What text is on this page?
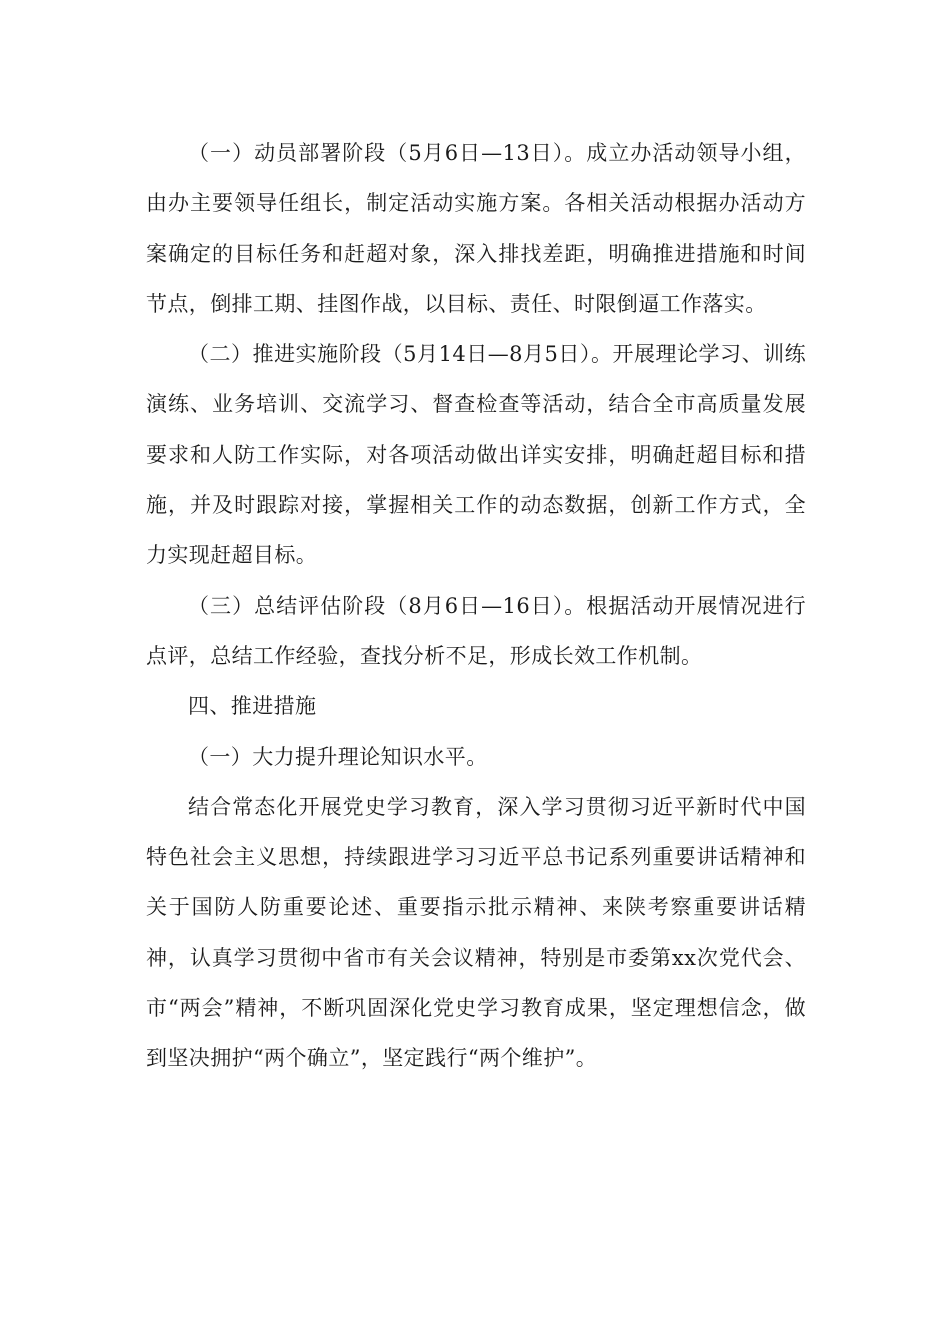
（一）动员部署阶段（5月6日—13日）。成立办活动领导小组，由办主要领导任组长，制定活动实施方案。各相关活动根据办活动方案确定的目标任务和赶超对象，深入排找差距，明确推进措施和时间节点，倒排工期、挂图作战，以目标、责任、时限倒逼工作落实。

（二）推进实施阶段（5月14日—8月5日）。开展理论学习、训练演练、业务培训、交流学习、督查检查等活动，结合全市高质量发展要求和人防工作实际，对各项活动做出详实安排，明确赶超目标和措施，并及时跟踪对接，掌握相关工作的动态数据，创新工作方式，全力实现赶超目标。

（三）总结评估阶段（8月6日—16日）。根据活动开展情况进行点评，总结工作经验，查找分析不足，形成长效工作机制。

四、推进措施

（一）大力提升理论知识水平。

结合常态化开展党史学习教育，深入学习贯彻习近平新时代中国特色社会主义思想，持续跟进学习习近平总书记系列重要讲话精神和关于国防人防重要论述、重要指示批示精神、来陕考察重要讲话精神，认真学习贯彻中省市有关会议精神，特别是市委第xx次党代会、市“两会”精神，不断巩固深化党史学习教育成果，坚定理想信念，做到坚决拥护“两个确立”，坚定践行“两个维护”。
